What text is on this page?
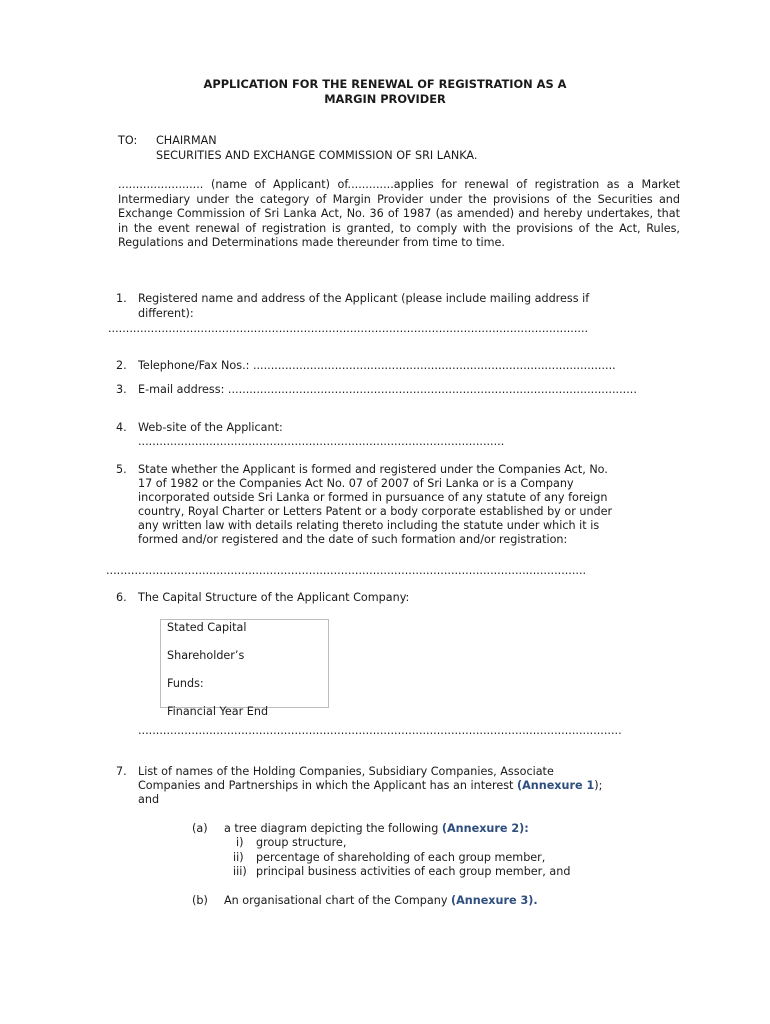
APPLICATION FOR THE RENEWAL OF REGISTRATION AS A
MARGIN PROVIDER
TO: CHAIRMAN
SECURITIES AND EXCHANGE COMMISSION OF SRI LANKA.
........................ (name of Applicant) of.............applies for renewal of registration as a Market Intermediary under the category of Margin Provider under the provisions of the Securities and Exchange Commission of Sri Lanka Act, No. 36 of 1987 (as amended) and hereby undertakes, that in the event renewal of registration is granted, to comply with the provisions of the Act, Rules, Regulations and Determinations made thereunder from time to time.
1. Registered name and address of the Applicant (please include mailing address if
different):
.......................................................................................................................................
2. Telephone/Fax Nos.: ......................................................................................................
3. E-mail address: ...................................................................................................................
4. Web-site of the Applicant:
.......................................................................................................
5. State whether the Applicant is formed and registered under the Companies Act, No.
17 of 1982 or the Companies Act No. 07 of 2007 of Sri Lanka or is a Company
incorporated outside Sri Lanka or formed in pursuance of any statute of any foreign
country, Royal Charter or Letters Patent or a body corporate established by or under
any written law with details relating thereto including the statute under which it is
formed and/or registered and the date of such formation and/or registration:
.......................................................................................................................................
6. The Capital Structure of the Applicant Company:
Stated Capital
Shareholder’s
Funds:
Financial Year End
........................................................................................................................................
7. List of names of the Holding Companies, Subsidiary Companies, Associate
Companies and Partnerships in which the Applicant has an interest (Annexure 1);
and
(a) a tree diagram depicting the following (Annexure 2):
i) group structure,
ii) percentage of shareholding of each group member,
iii) principal business activities of each group member, and
(b) An organisational chart of the Company (Annexure 3).
